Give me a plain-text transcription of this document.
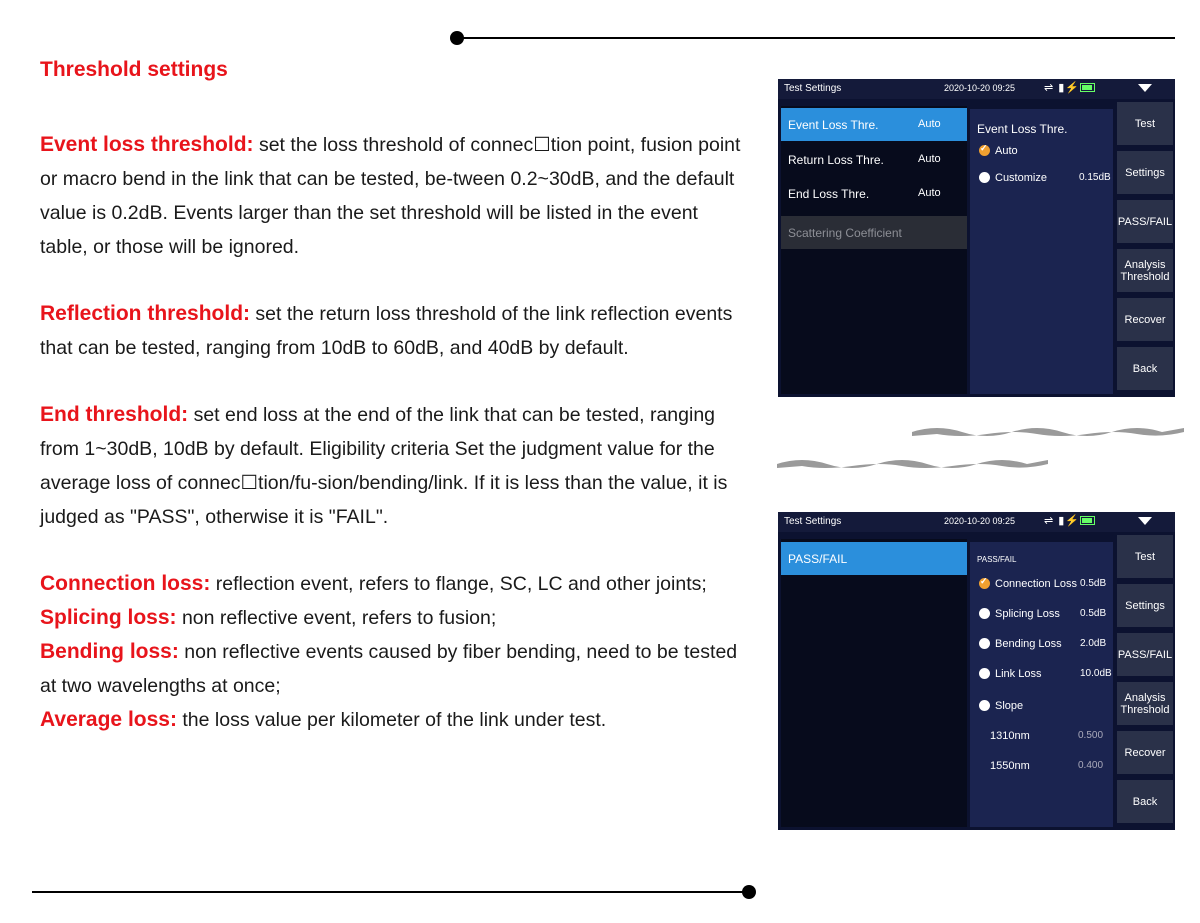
Threshold settings

Event loss threshold: set the loss threshold of connec☐tion point, fusion point or macro bend in the link that can be tested, be-tween 0.2~30dB, and the default value is 0.2dB. Events larger than the set threshold will be listed in the event table, or those will be ignored.

Reflection threshold: set the return loss threshold of the link reflection events that can be tested, ranging from 10dB to 60dB, and 40dB by default.

End threshold: set end loss at the end of the link that can be tested, ranging from 1~30dB, 10dB by default. Eligibility criteria Set the judgment value for the average loss of connec☐tion/fu-sion/bending/link. If it is less than the value, it is judged as "PASS", otherwise it is "FAIL".

Connection loss: reflection event, refers to flange, SC, LC and other joints;

Splicing loss: non reflective event, refers to fusion;

Bending loss: non reflective events caused by fiber bending, need to be tested at two wavelengths at once;

Average loss: the loss value per kilometer of the link under test.

Test Settings	2020-10-20 09:25	⇌ ▮⚡
Event Loss Thre.	Auto
Return Loss Thre.	Auto
End Loss Thre.	Auto
Scattering Coefficient
Event Loss Thre.
✓Auto
Customize	0.15dB
Test
Settings
PASS/FAIL
Analysis Threshold
Recover
Back
Test Settings	2020-10-20 09:25	⇌ ▮⚡
PASS/FAIL	PASS/FAIL
✓Connection Loss 0.5dB
Splicing Loss 0.5dB
Bending Loss 2.0dB
Link Loss	10.0dB
Slope
1310nm	0.500
1550nm	0.400
Test
Settings
PASS/FAIL
Analysis Threshold
Recover
Back
